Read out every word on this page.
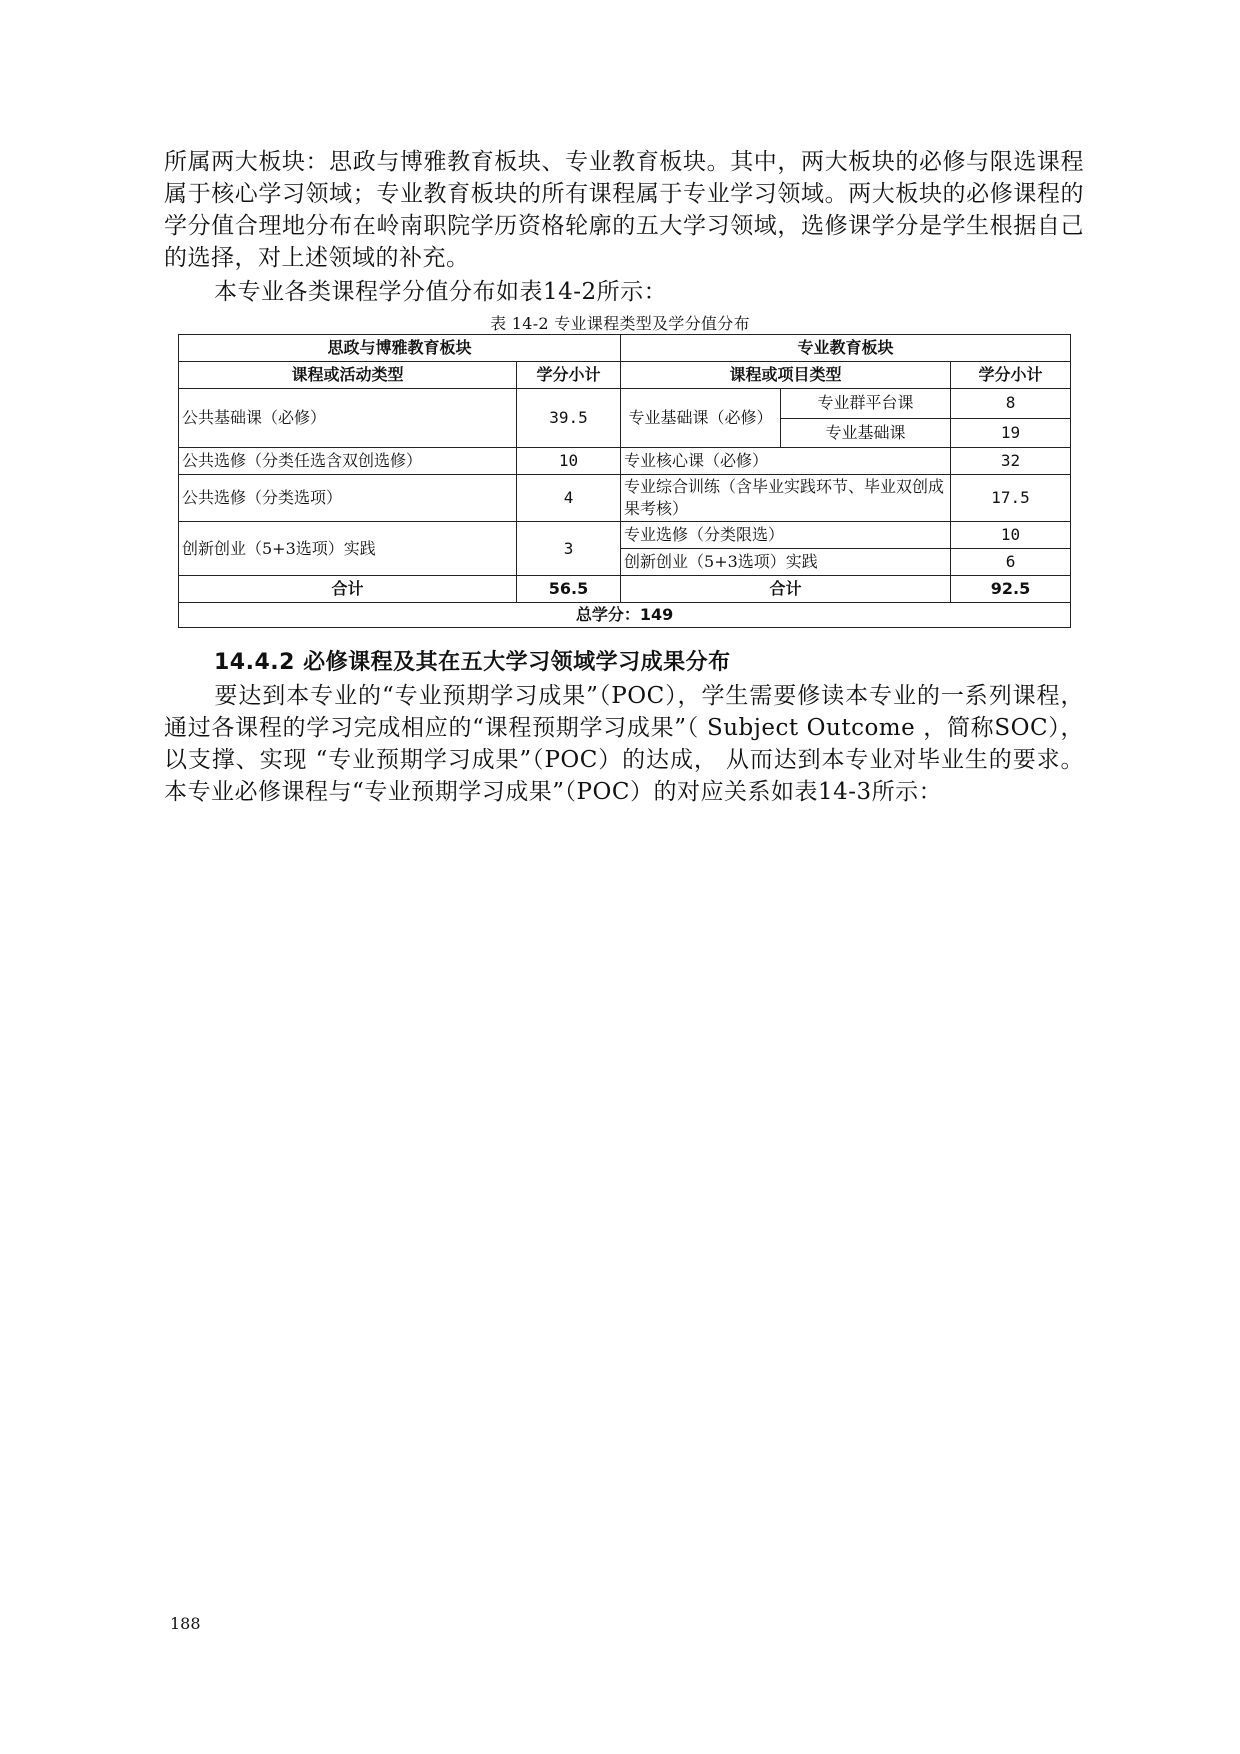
所属两大板块：思政与博雅教育板块、专业教育板块。其中，两大板块的必修与限选课程属于核心学习领域；专业教育板块的所有课程属于专业学习领域。两大板块的必修课程的学分值合理地分布在岭南职院学历资格轮廓的五大学习领域，选修课学分是学生根据自己的选择，对上述领域的补充。

本专业各类课程学分值分布如表14-2所示：

表 14-2 专业课程类型及学分值分布
思政与博雅教育板块		专业教育板块		
课程或活动类型	学分小计	课程或项目类型		学分小计
公共基础课（必修）	39.5	专业基础课（必修）	专业群平台课	8
			专业基础课	19
公共选修（分类任选含双创选修）	10	专业核心课（必修）		32
公共选修（分类选项）	4	专业综合训练（含毕业实践环节、毕业双创成果考核）		17.5
创新创业（5+3选项）实践	3	专业选修（分类限选）		10
		创新创业（5+3选项）实践		6
合计	56.5	合计		92.5
总学分：149				
14.4.2 必修课程及其在五大学习领域学习成果分布

要达到本专业的“专业预期学习成果”（POC），学生需要修读本专业的一系列课程，通过各课程的学习完成相应的“课程预期学习成果”（ Subject Outcome ，简称SOC），以支撑、实现 “专业预期学习成果”（POC）的达成， 从而达到本专业对毕业生的要求。本专业必修课程与“专业预期学习成果”（POC）的对应关系如表14-3所示：

188
